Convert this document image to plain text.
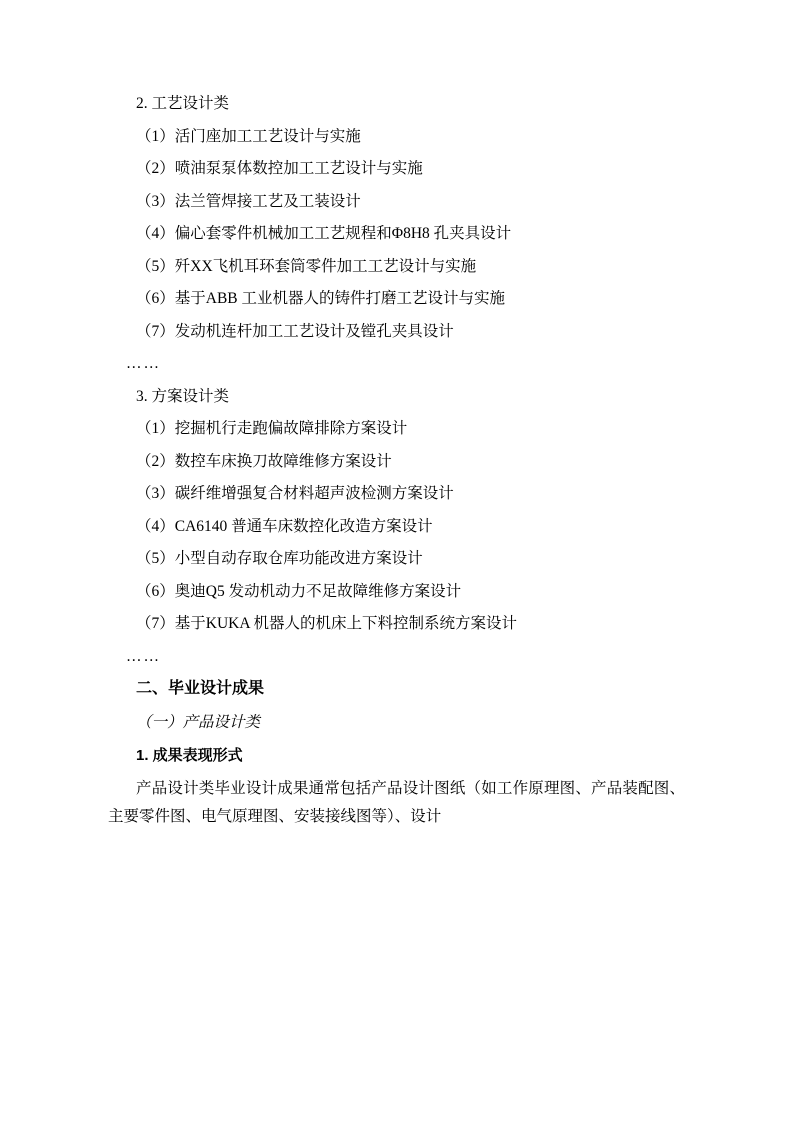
2. 工艺设计类
（1）活门座加工工艺设计与实施
（2）喷油泵泵体数控加工工艺设计与实施
（3）法兰管焊接工艺及工装设计
（4）偏心套零件机械加工工艺规程和Φ8H8 孔夹具设计
（5）歼XX飞机耳环套筒零件加工工艺设计与实施
（6）基于ABB 工业机器人的铸件打磨工艺设计与实施
（7）发动机连杆加工工艺设计及镗孔夹具设计
……
3. 方案设计类
（1）挖掘机行走跑偏故障排除方案设计
（2）数控车床换刀故障维修方案设计
（3）碳纤维增强复合材料超声波检测方案设计
（4）CA6140 普通车床数控化改造方案设计
（5）小型自动存取仓库功能改进方案设计
（6）奥迪Q5 发动机动力不足故障维修方案设计
（7）基于KUKA 机器人的机床上下料控制系统方案设计
……
二、毕业设计成果
（一）产品设计类
1. 成果表现形式

产品设计类毕业设计成果通常包括产品设计图纸（如工作原理图、产品装配图、主要零件图、电气原理图、安装接线图等）、设计
